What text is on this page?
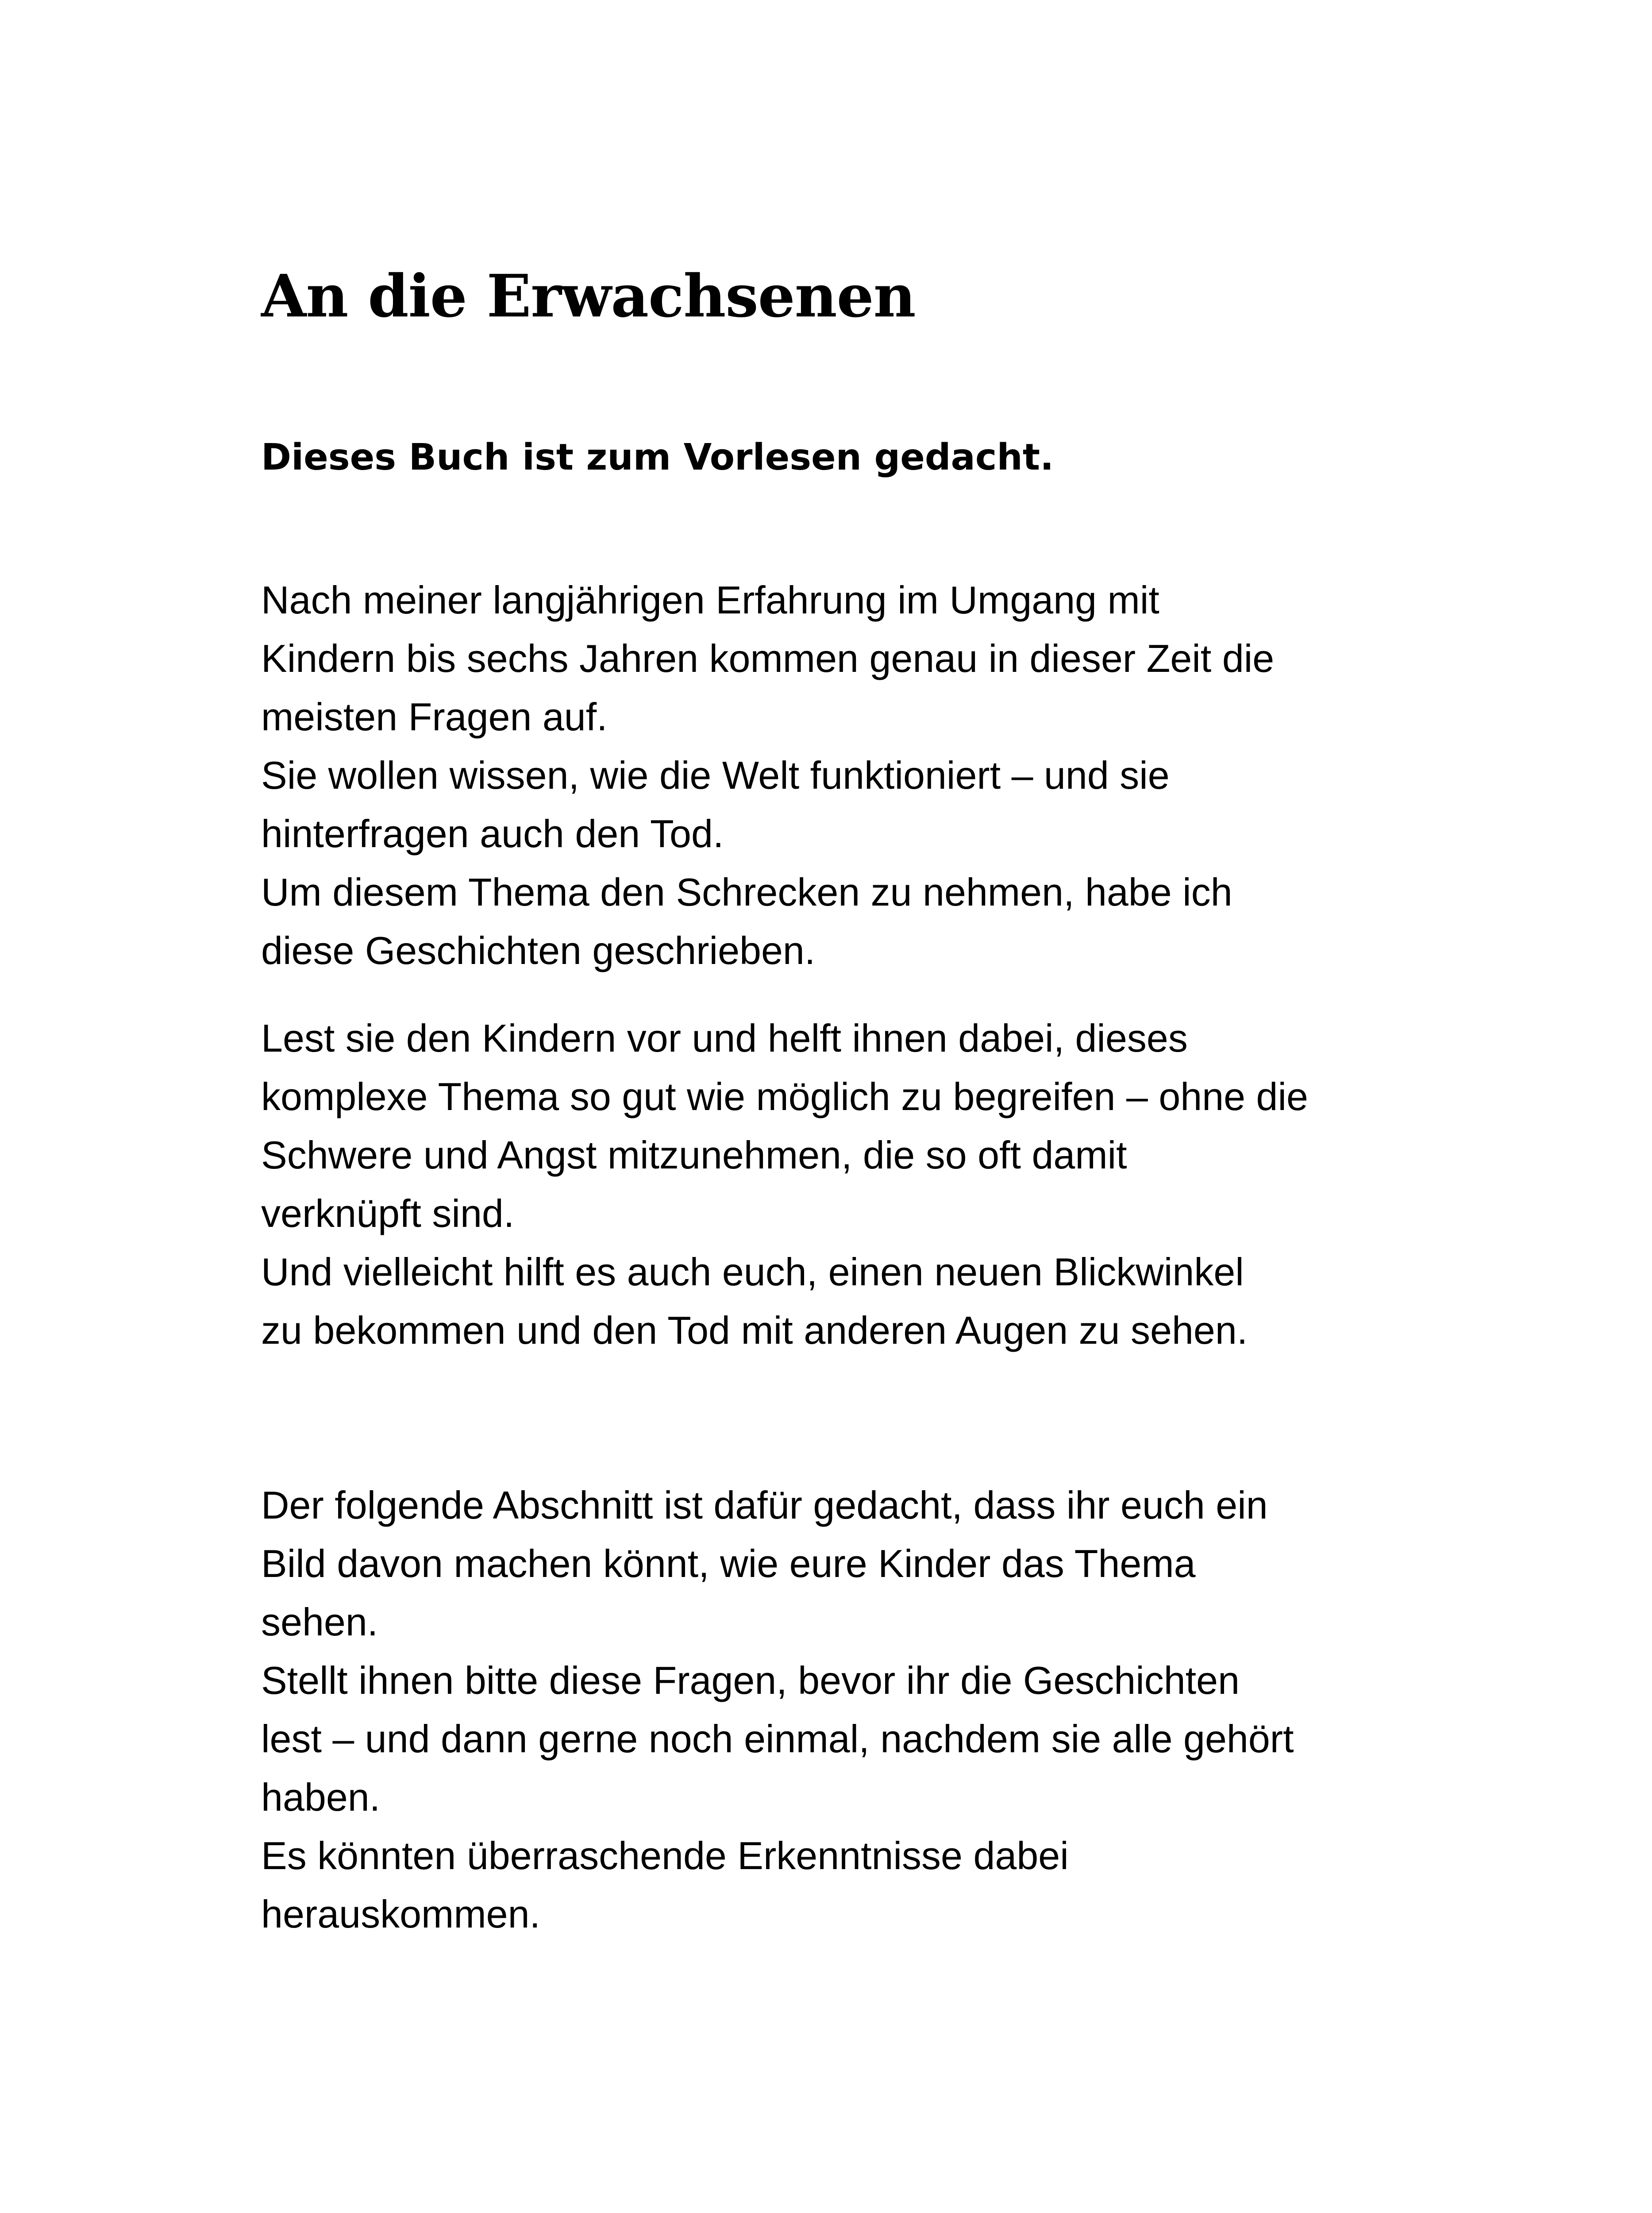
An die Erwachsenen

Dieses Buch ist zum Vorlesen gedacht.

Nach meiner langjährigen Erfahrung im Umgang mit
Kindern bis sechs Jahren kommen genau in dieser Zeit die
meisten Fragen auf.
Sie wollen wissen, wie die Welt funktioniert – und sie
hinterfragen auch den Tod.
Um diesem Thema den Schrecken zu nehmen, habe ich
diese Geschichten geschrieben.

Lest sie den Kindern vor und helft ihnen dabei, dieses
komplexe Thema so gut wie möglich zu begreifen – ohne die
Schwere und Angst mitzunehmen, die so oft damit
verknüpft sind.
Und vielleicht hilft es auch euch, einen neuen Blickwinkel
zu bekommen und den Tod mit anderen Augen zu sehen.

Der folgende Abschnitt ist dafür gedacht, dass ihr euch ein
Bild davon machen könnt, wie eure Kinder das Thema
sehen.
Stellt ihnen bitte diese Fragen, bevor ihr die Geschichten
lest – und dann gerne noch einmal, nachdem sie alle gehört
haben.
Es könnten überraschende Erkenntnisse dabei
herauskommen.
